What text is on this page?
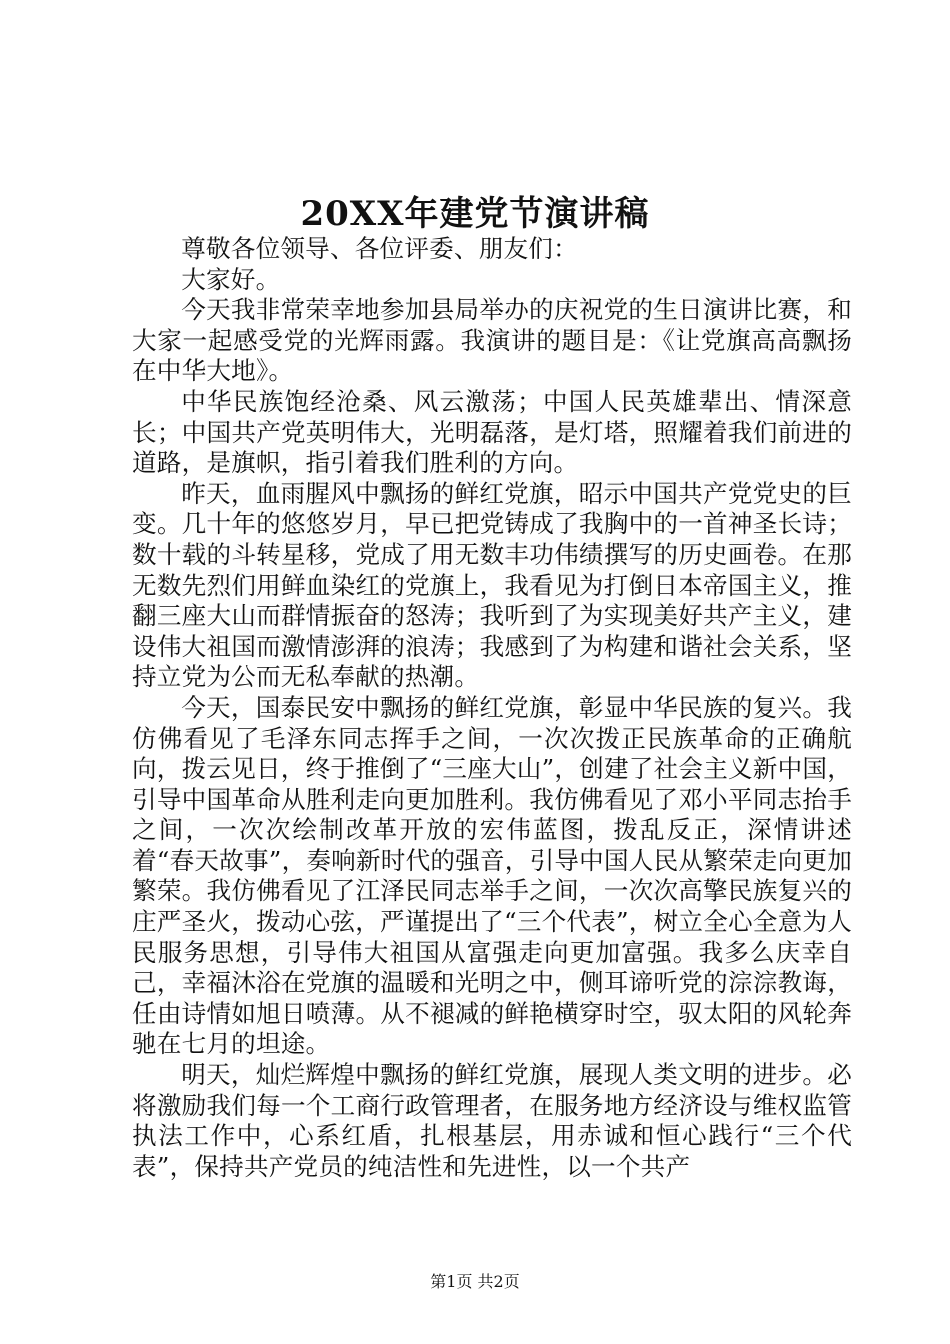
20XX年建党节演讲稿

尊敬各位领导、各位评委、朋友们：

大家好。

今天我非常荣幸地参加县局举办的庆祝党的生日演讲比赛，和大家一起感受党的光辉雨露。我演讲的题目是：《让党旗高高飘扬在中华大地》。

中华民族饱经沧桑、风云激荡；中国人民英雄辈出、情深意长；中国共产党英明伟大，光明磊落，是灯塔，照耀着我们前进的道路，是旗帜，指引着我们胜利的方向。

昨天，血雨腥风中飘扬的鲜红党旗，昭示中国共产党党史的巨变。几十年的悠悠岁月，早已把党铸成了我胸中的一首神圣长诗；数十载的斗转星移，党成了用无数丰功伟绩撰写的历史画卷。在那无数先烈们用鲜血染红的党旗上，我看见为打倒日本帝国主义，推翻三座大山而群情振奋的怒涛；我听到了为实现美好共产主义，建设伟大祖国而激情澎湃的浪涛；我感到了为构建和谐社会关系，坚持立党为公而无私奉献的热潮。

今天，国泰民安中飘扬的鲜红党旗，彰显中华民族的复兴。我仿佛看见了毛泽东同志挥手之间，一次次拨正民族革命的正确航向，拨云见日，终于推倒了“三座大山”，创建了社会主义新中国，引导中国革命从胜利走向更加胜利。我仿佛看见了邓小平同志抬手之间，一次次绘制改革开放的宏伟蓝图，拨乱反正，深情讲述着“春天故事”，奏响新时代的强音，引导中国人民从繁荣走向更加繁荣。我仿佛看见了江泽民同志举手之间，一次次高擎民族复兴的庄严圣火，拨动心弦，严谨提出了“三个代表”，树立全心全意为人民服务思想，引导伟大祖国从富强走向更加富强。我多么庆幸自己，幸福沐浴在党旗的温暖和光明之中，侧耳谛听党的淙淙教诲，任由诗情如旭日喷薄。从不褪减的鲜艳横穿时空，驭太阳的风轮奔驰在七月的坦途。

明天，灿烂辉煌中飘扬的鲜红党旗，展现人类文明的进步。必将激励我们每一个工商行政管理者，在服务地方经济设与维权监管执法工作中，心系红盾，扎根基层，用赤诚和恒心践行“三个代表”，保持共产党员的纯洁性和先进性，以一个共产

第1页 共2页
